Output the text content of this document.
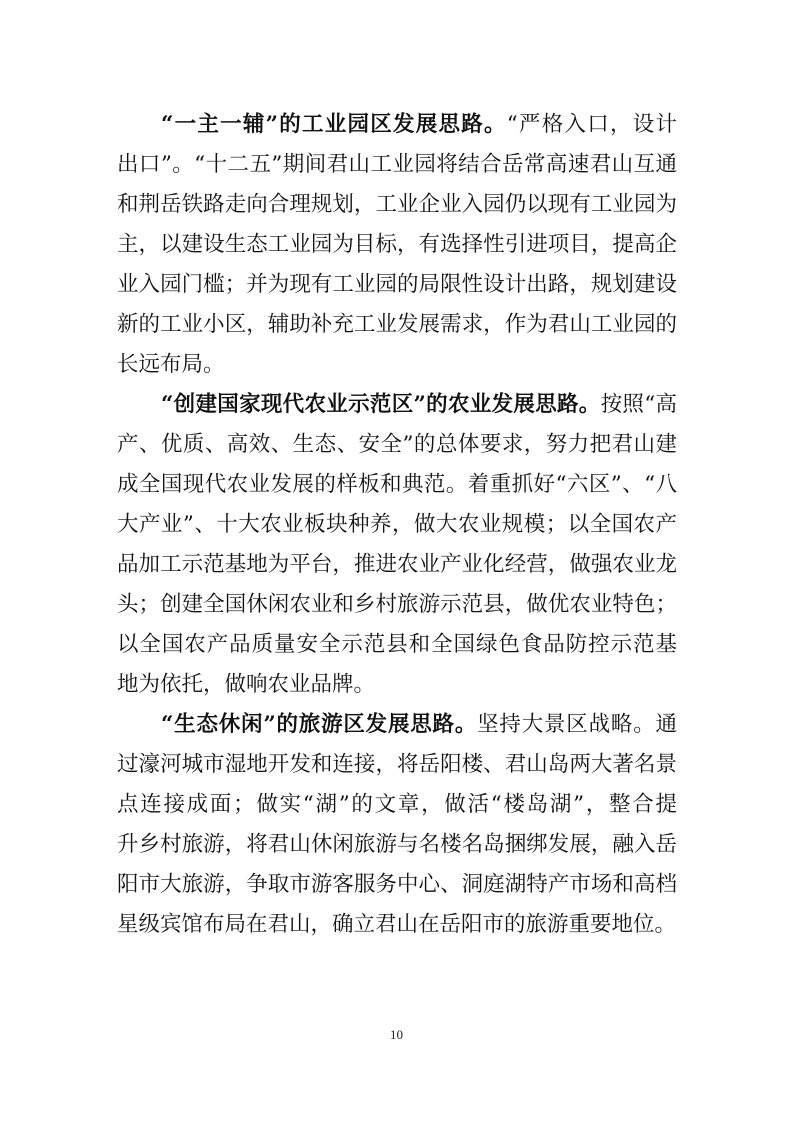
“一主一辅”的工业园区发展思路。“严格入口，设计
出口”。“十二五”期间君山工业园将结合岳常高速君山互通
和荆岳铁路走向合理规划，工业企业入园仍以现有工业园为
主，以建设生态工业园为目标，有选择性引进项目，提高企
业入园门槛；并为现有工业园的局限性设计出路，规划建设
新的工业小区，辅助补充工业发展需求，作为君山工业园的
长远布局。
“创建国家现代农业示范区”的农业发展思路。按照“高
产、优质、高效、生态、安全”的总体要求，努力把君山建
成全国现代农业发展的样板和典范。着重抓好“六区”、“八
大产业”、十大农业板块种养，做大农业规模；以全国农产
品加工示范基地为平台，推进农业产业化经营，做强农业龙
头；创建全国休闲农业和乡村旅游示范县，做优农业特色；
以全国农产品质量安全示范县和全国绿色食品防控示范基
地为依托，做响农业品牌。
“生态休闲”的旅游区发展思路。坚持大景区战略。通
过濠河城市湿地开发和连接，将岳阳楼、君山岛两大著名景
点连接成面；做实“湖”的文章，做活“楼岛湖”，整合提
升乡村旅游，将君山休闲旅游与名楼名岛捆绑发展，融入岳
阳市大旅游，争取市游客服务中心、洞庭湖特产市场和高档
星级宾馆布局在君山，确立君山在岳阳市的旅游重要地位。
10
